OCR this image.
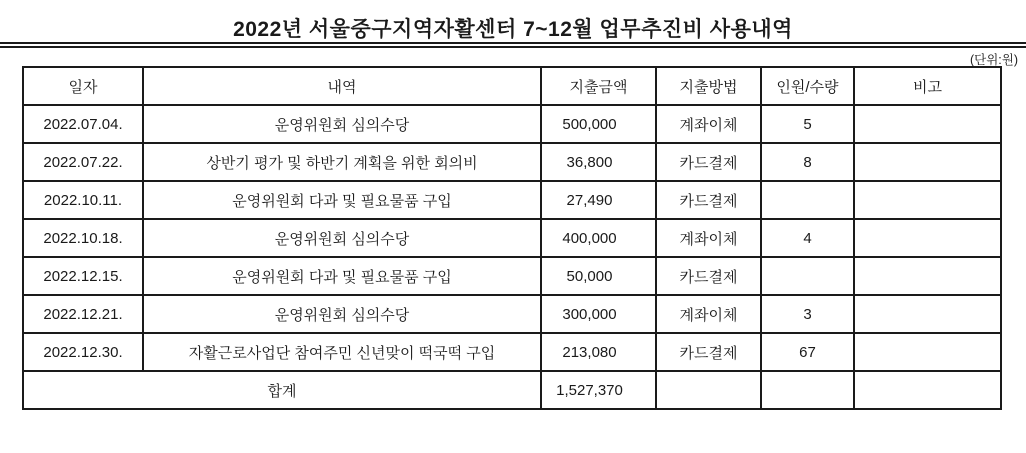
2022년 서울중구지역자활센터 7~12월 업무추진비 사용내역
(단위:원)
일자	내역	지출금액	지출방법	인원/수량	비고
2022.07.04.	운영위원회 심의수당	500,000	계좌이체	5	
2022.07.22.	상반기 평가 및 하반기 계획을 위한 회의비	36,800	카드결제	8	
2022.10.11.	운영위원회 다과 및 필요물품 구입	27,490	카드결제		
2022.10.18.	운영위원회 심의수당	400,000	계좌이체	4	
2022.12.15.	운영위원회 다과 및 필요물품 구입	50,000	카드결제		
2022.12.21.	운영위원회 심의수당	300,000	계좌이체	3	
2022.12.30.	자활근로사업단 참여주민 신년맞이 떡국떡 구입	213,080	카드결제	67	
합계		1,527,370			
